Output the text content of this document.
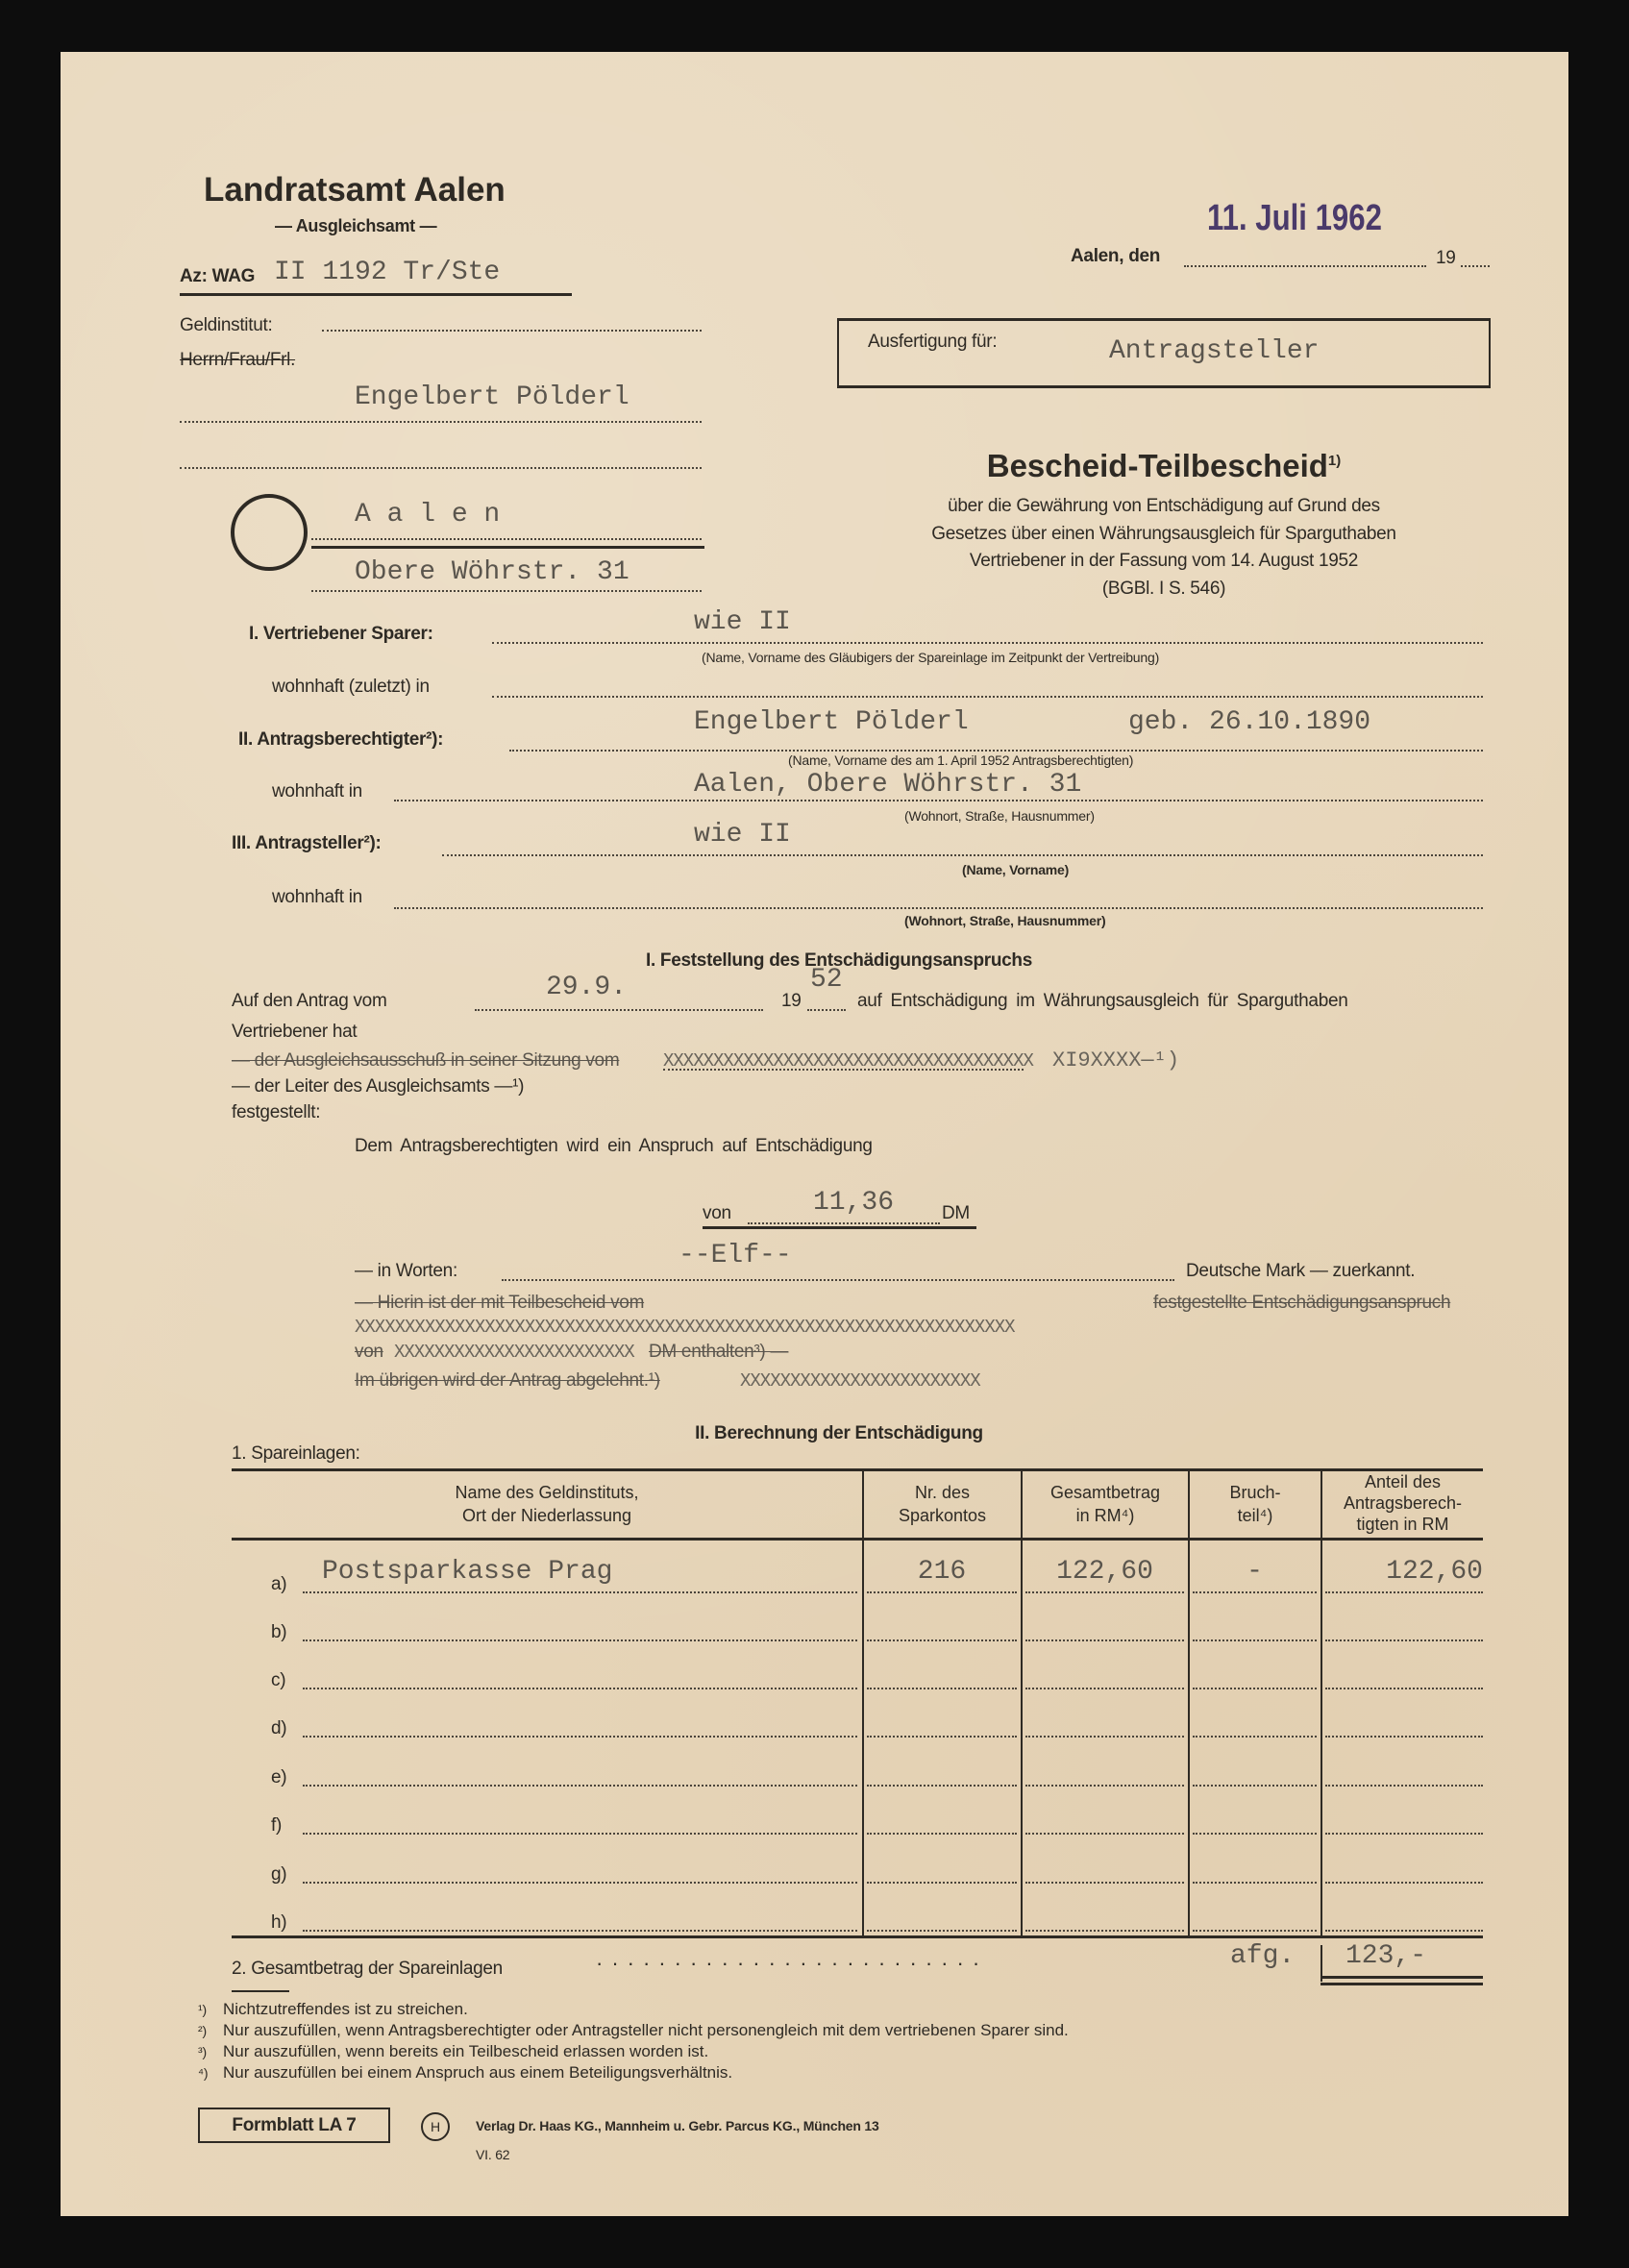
Landratsamt Aalen
— Ausgleichsamt —
Az: WAG II 1192 Tr/Ste
Geldinstitut:
Herrn/Frau/Frl.
Engelbert Pölderl
A a l e n
Obere Wöhrstr. 31
11. Juli 1962
Aalen, den	19
Ausfertigung für:	Antragsteller
Bescheid-Teilbescheid$^{1)}$
über die Gewährung von Entschädigung auf Grund des
Gesetzes über einen Währungsausgleich für Sparguthaben
Vertriebener in der Fassung vom 14. August 1952
(BGBl. I S. 546)
I. Vertriebener Sparer:	wie II
(Name, Vorname des Gläubigers der Spareinlage im Zeitpunkt der Vertreibung)
wohnhaft (zuletzt) in
II. Antragsberechtigter²):
Engelbert Pölderl	geb. 26.10.1890
(Name, Vorname des am 1. April 1952 Antragsberechtigten)
wohnhaft in	Aalen, Obere Wöhrstr. 31
(Wohnort, Straße, Hausnummer)
III. Antragsteller²):	wie II
(Name, Vorname)
wohnhaft in
(Wohnort, Straße, Hausnummer)
I. Feststellung des Entschädigungsanspruchs
Auf den Antrag vom	29.9.	19
52
auf Entschädigung im Währungsausgleich für Sparguthaben
Vertriebener hat
— der Ausgleichsausschuß in seiner Sitzung vom XXXXXXXXXXXXXXXXXXXXXXXXXXXXXXXXXXXXX XI9XXXX—¹)
— der Leiter des Ausgleichsamts —¹)
festgestellt:
Dem Antragsberechtigten wird ein Anspruch auf Entschädigung
von	11,36	DM
— in Worten:
--Elf--
Deutsche Mark — zuerkannt.
— Hierin ist der mit Teilbescheid vom	festgestellte Entschädigungsanspruch
XXXXXXXXXXXXXXXXXXXXXXXXXXXXXXXXXXXXXXXXXXXXXXXXXXXXXXXXXXXXXXXXXX
von XXXXXXXXXXXXXXXXXXXXXXXX DM enthalten³) —
Im übrigen wird der Antrag abgelehnt.¹)	XXXXXXXXXXXXXXXXXXXXXXXX
II. Berechnung der Entschädigung
1. Spareinlagen:
Name des Geldinstituts,
Ort der Niederlassung
Nr. des
Sparkontos
Gesamtbetrag
in RM⁴)
Bruch-
teil⁴)
Anteil des
Antragsberech-
tigten in RM
a)	Postsparkasse Prag	216	122,60	-	122,60
b)
c)
d)
e)
f)
g)
h)
2. Gesamtbetrag der Spareinlagen	·························	afg. 123,-
¹) Nichtzutreffendes ist zu streichen.
²) Nur auszufüllen, wenn Antragsberechtigter oder Antragsteller nicht personengleich mit dem vertriebenen Sparer sind.
³) Nur auszufüllen, wenn bereits ein Teilbescheid erlassen worden ist.
⁴) Nur auszufüllen bei einem Anspruch aus einem Beteiligungsverhältnis.
Formblatt LA 7	H	Verlag Dr. Haas KG., Mannheim u. Gebr. Parcus KG., München 13
VI. 62
